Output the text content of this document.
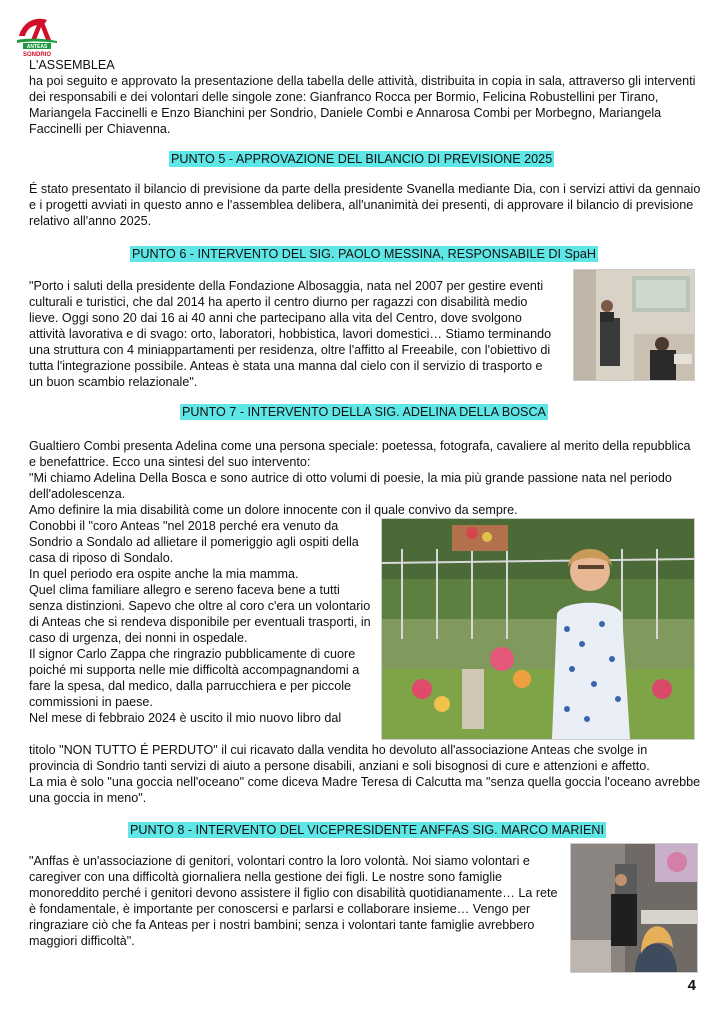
ANTEAS
SONDRIO

L'ASSEMBLEA

ha poi seguito e approvato la presentazione della tabella delle attività, distribuita in copia in sala, attraverso gli interventi dei responsabili e dei volontari delle singole zone: Gianfranco Rocca per Bormio, Felicina Robustellini per Tirano, Mariangela Faccinelli e Enzo Bianchini per Sondrio, Daniele Combi e Annarosa Combi per Morbegno, Mariangela Faccinelli per Chiavenna.

PUNTO 5 - APPROVAZIONE DEL BILANCIO DI PREVISIONE 2025

É stato presentato il bilancio di previsione da parte della presidente Svanella mediante Dia, con i servizi attivi da gennaio e i progetti avviati in questo anno e l'assemblea delibera, all'unanimità dei presenti, di approvare il bilancio di previsione relativo all'anno 2025.

PUNTO 6 - INTERVENTO DEL SIG. PAOLO MESSINA, RESPONSABILE DI SpaH

"Porto i saluti della presidente della Fondazione Albosaggia, nata nel 2007 per gestire eventi culturali e turistici, che dal 2014 ha aperto il centro diurno per ragazzi con disabilità medio lieve. Oggi sono 20 dai 16 ai 40 anni che partecipano alla vita del Centro, dove svolgono attività lavorativa e di svago: orto, laboratori, hobbistica, lavori domestici… Stiamo terminando una struttura con 4 miniappartamenti per residenza, oltre l'affitto al Freeabile, con l'obiettivo di tutta l'integrazione possibile. Anteas è stata una manna dal cielo con il servizio di trasporto e un buon scambio relazionale".

PUNTO 7 - INTERVENTO DELLA SIG. ADELINA DELLA BOSCA

Gualtiero Combi presenta Adelina come una persona speciale: poetessa, fotografa, cavaliere al merito della repubblica e benefattrice. Ecco una sintesi del suo intervento:
"Mi chiamo Adelina Della Bosca e sono autrice di otto volumi di poesie, la mia più grande passione nata nel periodo dell'adolescenza.
Amo definire la mia disabilità come un dolore innocente con il quale convivo da sempre.

Conobbi il "coro Anteas "nel 2018 perché era venuto da Sondrio a Sondalo ad allietare il pomeriggio agli ospiti della casa di riposo di Sondalo.
In quel periodo era ospite anche la mia mamma.
Quel clima familiare allegro e sereno faceva bene a tutti senza distinzioni. Sapevo che oltre al coro c'era un volontario di Anteas che si rendeva disponibile per eventuali trasporti, in caso di urgenza, dei nonni in ospedale.
Il signor Carlo Zappa che ringrazio pubblicamente di cuore poiché mi supporta nelle mie difficoltà accompagnandomi a fare la spesa, dal medico, dalla parrucchiera e per piccole commissioni in paese.
Nel mese di febbraio 2024 è uscito il mio nuovo libro dal

titolo "NON TUTTO É PERDUTO" il cui ricavato dalla vendita ho devoluto all'associazione Anteas che svolge in provincia di Sondrio tanti servizi di aiuto a persone disabili, anziani e soli bisognosi di cure e attenzioni e affetto.
La mia è solo "una goccia nell'oceano" come diceva Madre Teresa di Calcutta ma "senza quella goccia l'oceano avrebbe una goccia in meno".

PUNTO 8 - INTERVENTO DEL VICEPRESIDENTE ANFFAS SIG. MARCO MARIENI

"Anffas è un'associazione di genitori, volontari contro la loro volontà. Noi siamo volontari e caregiver con una difficoltà giornaliera nella gestione dei figli. Le nostre sono famiglie monoreddito perché i genitori devono assistere il figlio con disabilità quotidianamente… La rete è fondamentale, è importante per conoscersi e parlarsi e collaborare insieme… Vengo per ringraziare ciò che fa Anteas per i nostri bambini; senza i volontari tante famiglie avrebbero maggiori difficoltà".

4
